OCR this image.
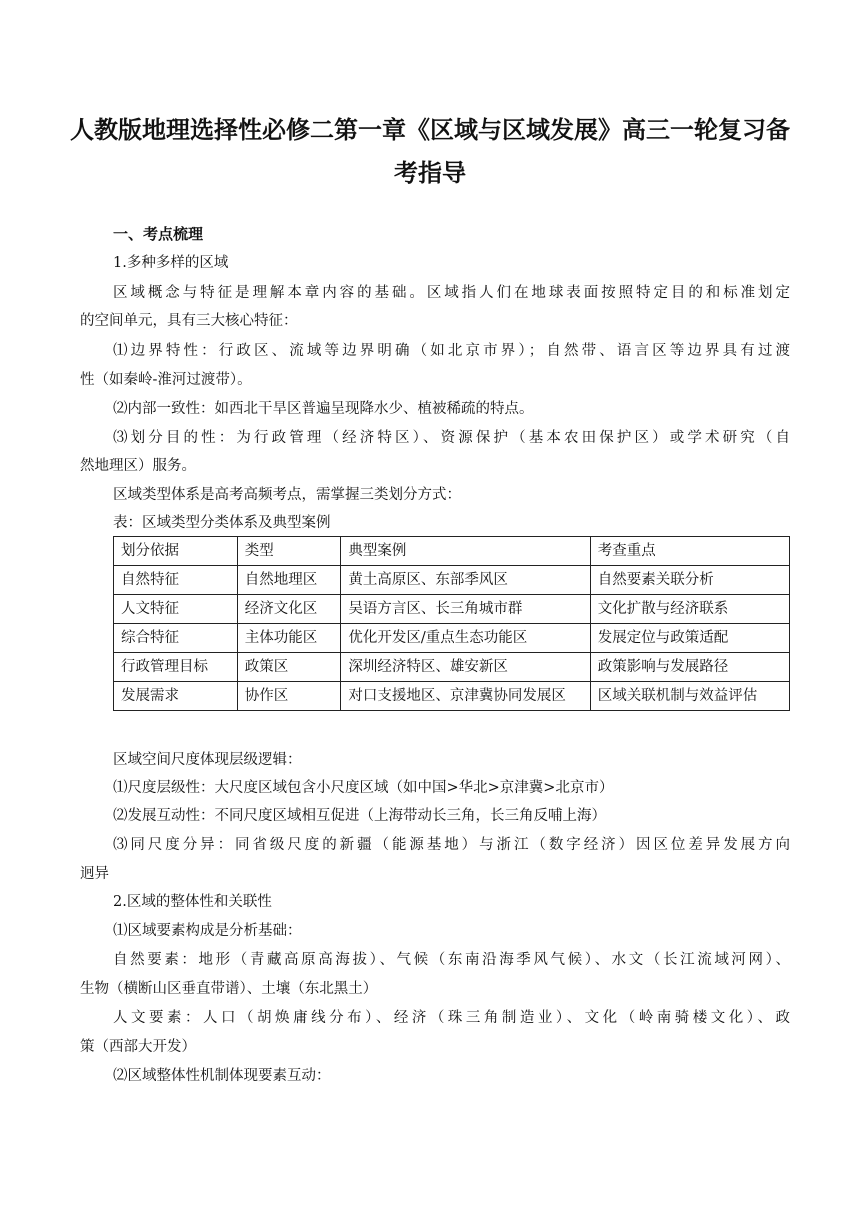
人教版地理选择性必修二第一章《区域与区域发展》高三一轮复习备
考指导
一、考点梳理
1.多种多样的区域
区域概念与特征是理解本章内容的基础。区域指人们在地球表面按照特定目的和标准划定
的空间单元，具有三大核心特征：
⑴边界特性：行政区、流域等边界明确（如北京市界）；自然带、语言区等边界具有过渡
性（如秦岭-淮河过渡带）。
⑵内部一致性：如西北干旱区普遍呈现降水少、植被稀疏的特点。
⑶划分目的性：为行政管理（经济特区）、资源保护（基本农田保护区）或学术研究（自
然地理区）服务。
区域类型体系是高考高频考点，需掌握三类划分方式：
表：区域类型分类体系及典型案例
划分依据	类型	典型案例	考查重点
自然特征	自然地理区	黄土高原区、东部季风区	自然要素关联分析
人文特征	经济文化区	吴语方言区、长三角城市群	文化扩散与经济联系
综合特征	主体功能区	优化开发区/重点生态功能区	发展定位与政策适配
行政管理目标	政策区	深圳经济特区、雄安新区	政策影响与发展路径
发展需求	协作区	对口支援地区、京津冀协同发展区	区域关联机制与效益评估
区域空间尺度体现层级逻辑：
⑴尺度层级性：大尺度区域包含小尺度区域（如中国>华北>京津冀>北京市）
⑵发展互动性：不同尺度区域相互促进（上海带动长三角，长三角反哺上海）
⑶同尺度分异：同省级尺度的新疆（能源基地）与浙江（数字经济）因区位差异发展方向
迥异
2.区域的整体性和关联性
⑴区域要素构成是分析基础：
自然要素：地形（青藏高原高海拔）、气候（东南沿海季风气候）、水文（长江流域河网）、
生物（横断山区垂直带谱）、土壤（东北黑土）
人文要素：人口（胡焕庸线分布）、经济（珠三角制造业）、文化（岭南骑楼文化）、政
策（西部大开发）
⑵区域整体性机制体现要素互动：
